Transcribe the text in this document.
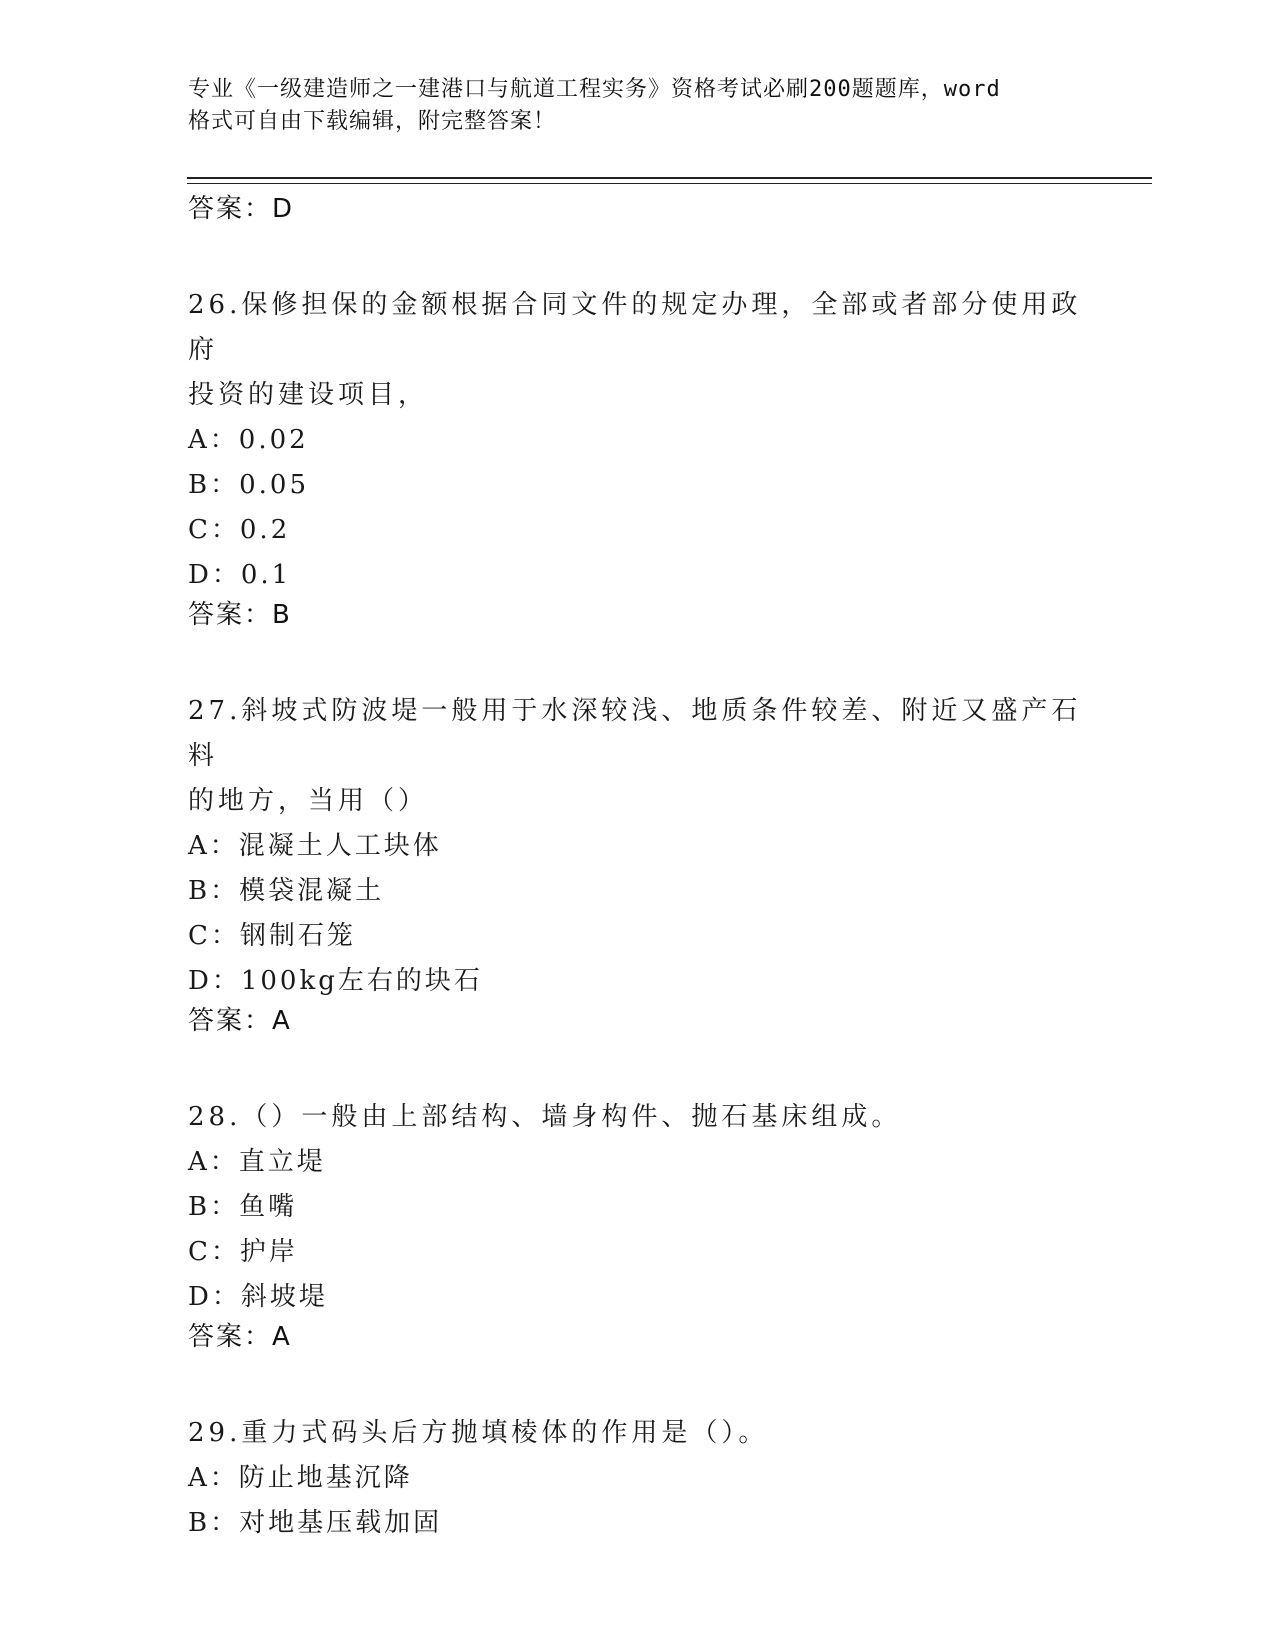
专业《一级建造师之一建港口与航道工程实务》资格考试必刷200题题库，word
格式可自由下载编辑，附完整答案！
答案：D
26.保修担保的金额根据合同文件的规定办理，全部或者部分使用政府
投资的建设项目，
A：0.02
B：0.05
C：0.2
D：0.1
答案：B
27.斜坡式防波堤一般用于水深较浅、地质条件较差、附近又盛产石料
的地方，当用（）
A：混凝土人工块体
B：模袋混凝土
C：钢制石笼
D：100kg左右的块石
答案：A
28.（）一般由上部结构、墙身构件、抛石基床组成。
A：直立堤
B：鱼嘴
C：护岸
D：斜坡堤
答案：A
29.重力式码头后方抛填棱体的作用是（）。
A：防止地基沉降
B：对地基压载加固
